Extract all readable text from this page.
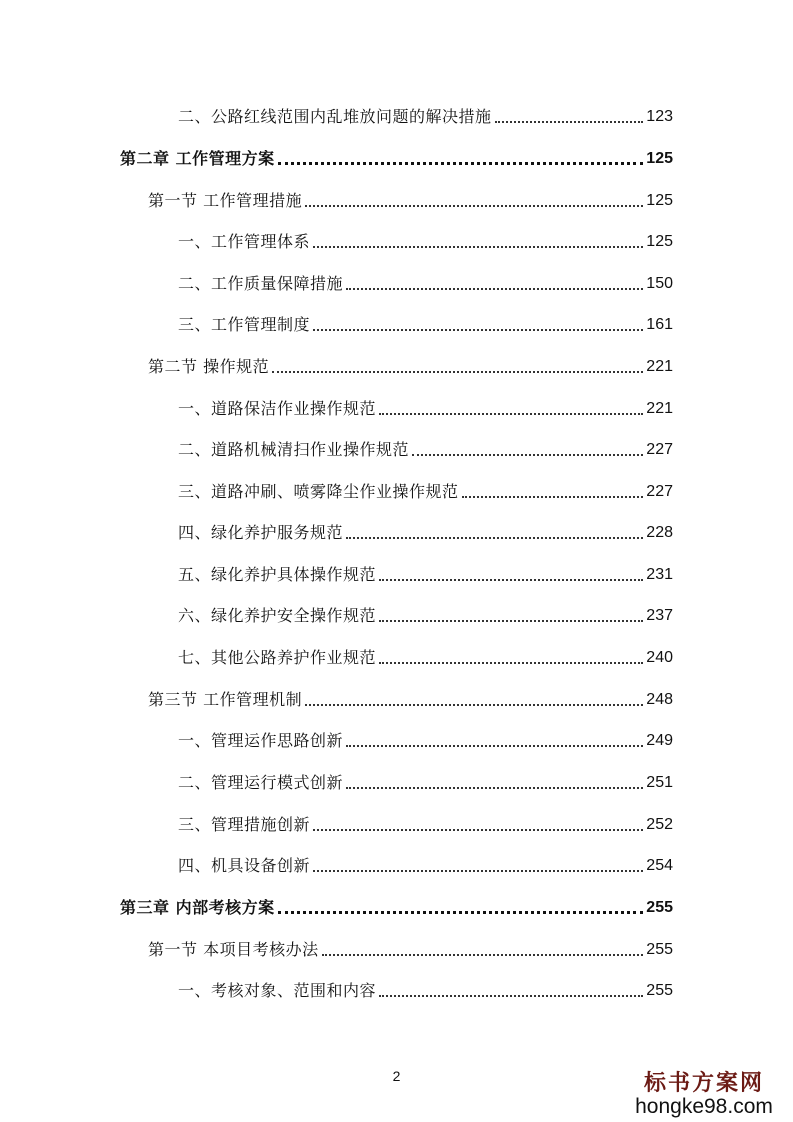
二、公路红线范围内乱堆放问题的解决措施	123
第二章 工作管理方案	125
第一节 工作管理措施	125
一、工作管理体系	125
二、工作质量保障措施	150
三、工作管理制度	161
第二节 操作规范	221
一、道路保洁作业操作规范	221
二、道路机械清扫作业操作规范	227
三、道路冲刷、喷雾降尘作业操作规范	227
四、绿化养护服务规范	228
五、绿化养护具体操作规范	231
六、绿化养护安全操作规范	237
七、其他公路养护作业规范	240
第三节 工作管理机制	248
一、管理运作思路创新	249
二、管理运行模式创新	251
三、管理措施创新	252
四、机具设备创新	254
第三章 内部考核方案	255
第一节 本项目考核办法	255
一、考核对象、范围和内容	255
2	标书方案网
hongke98.com
